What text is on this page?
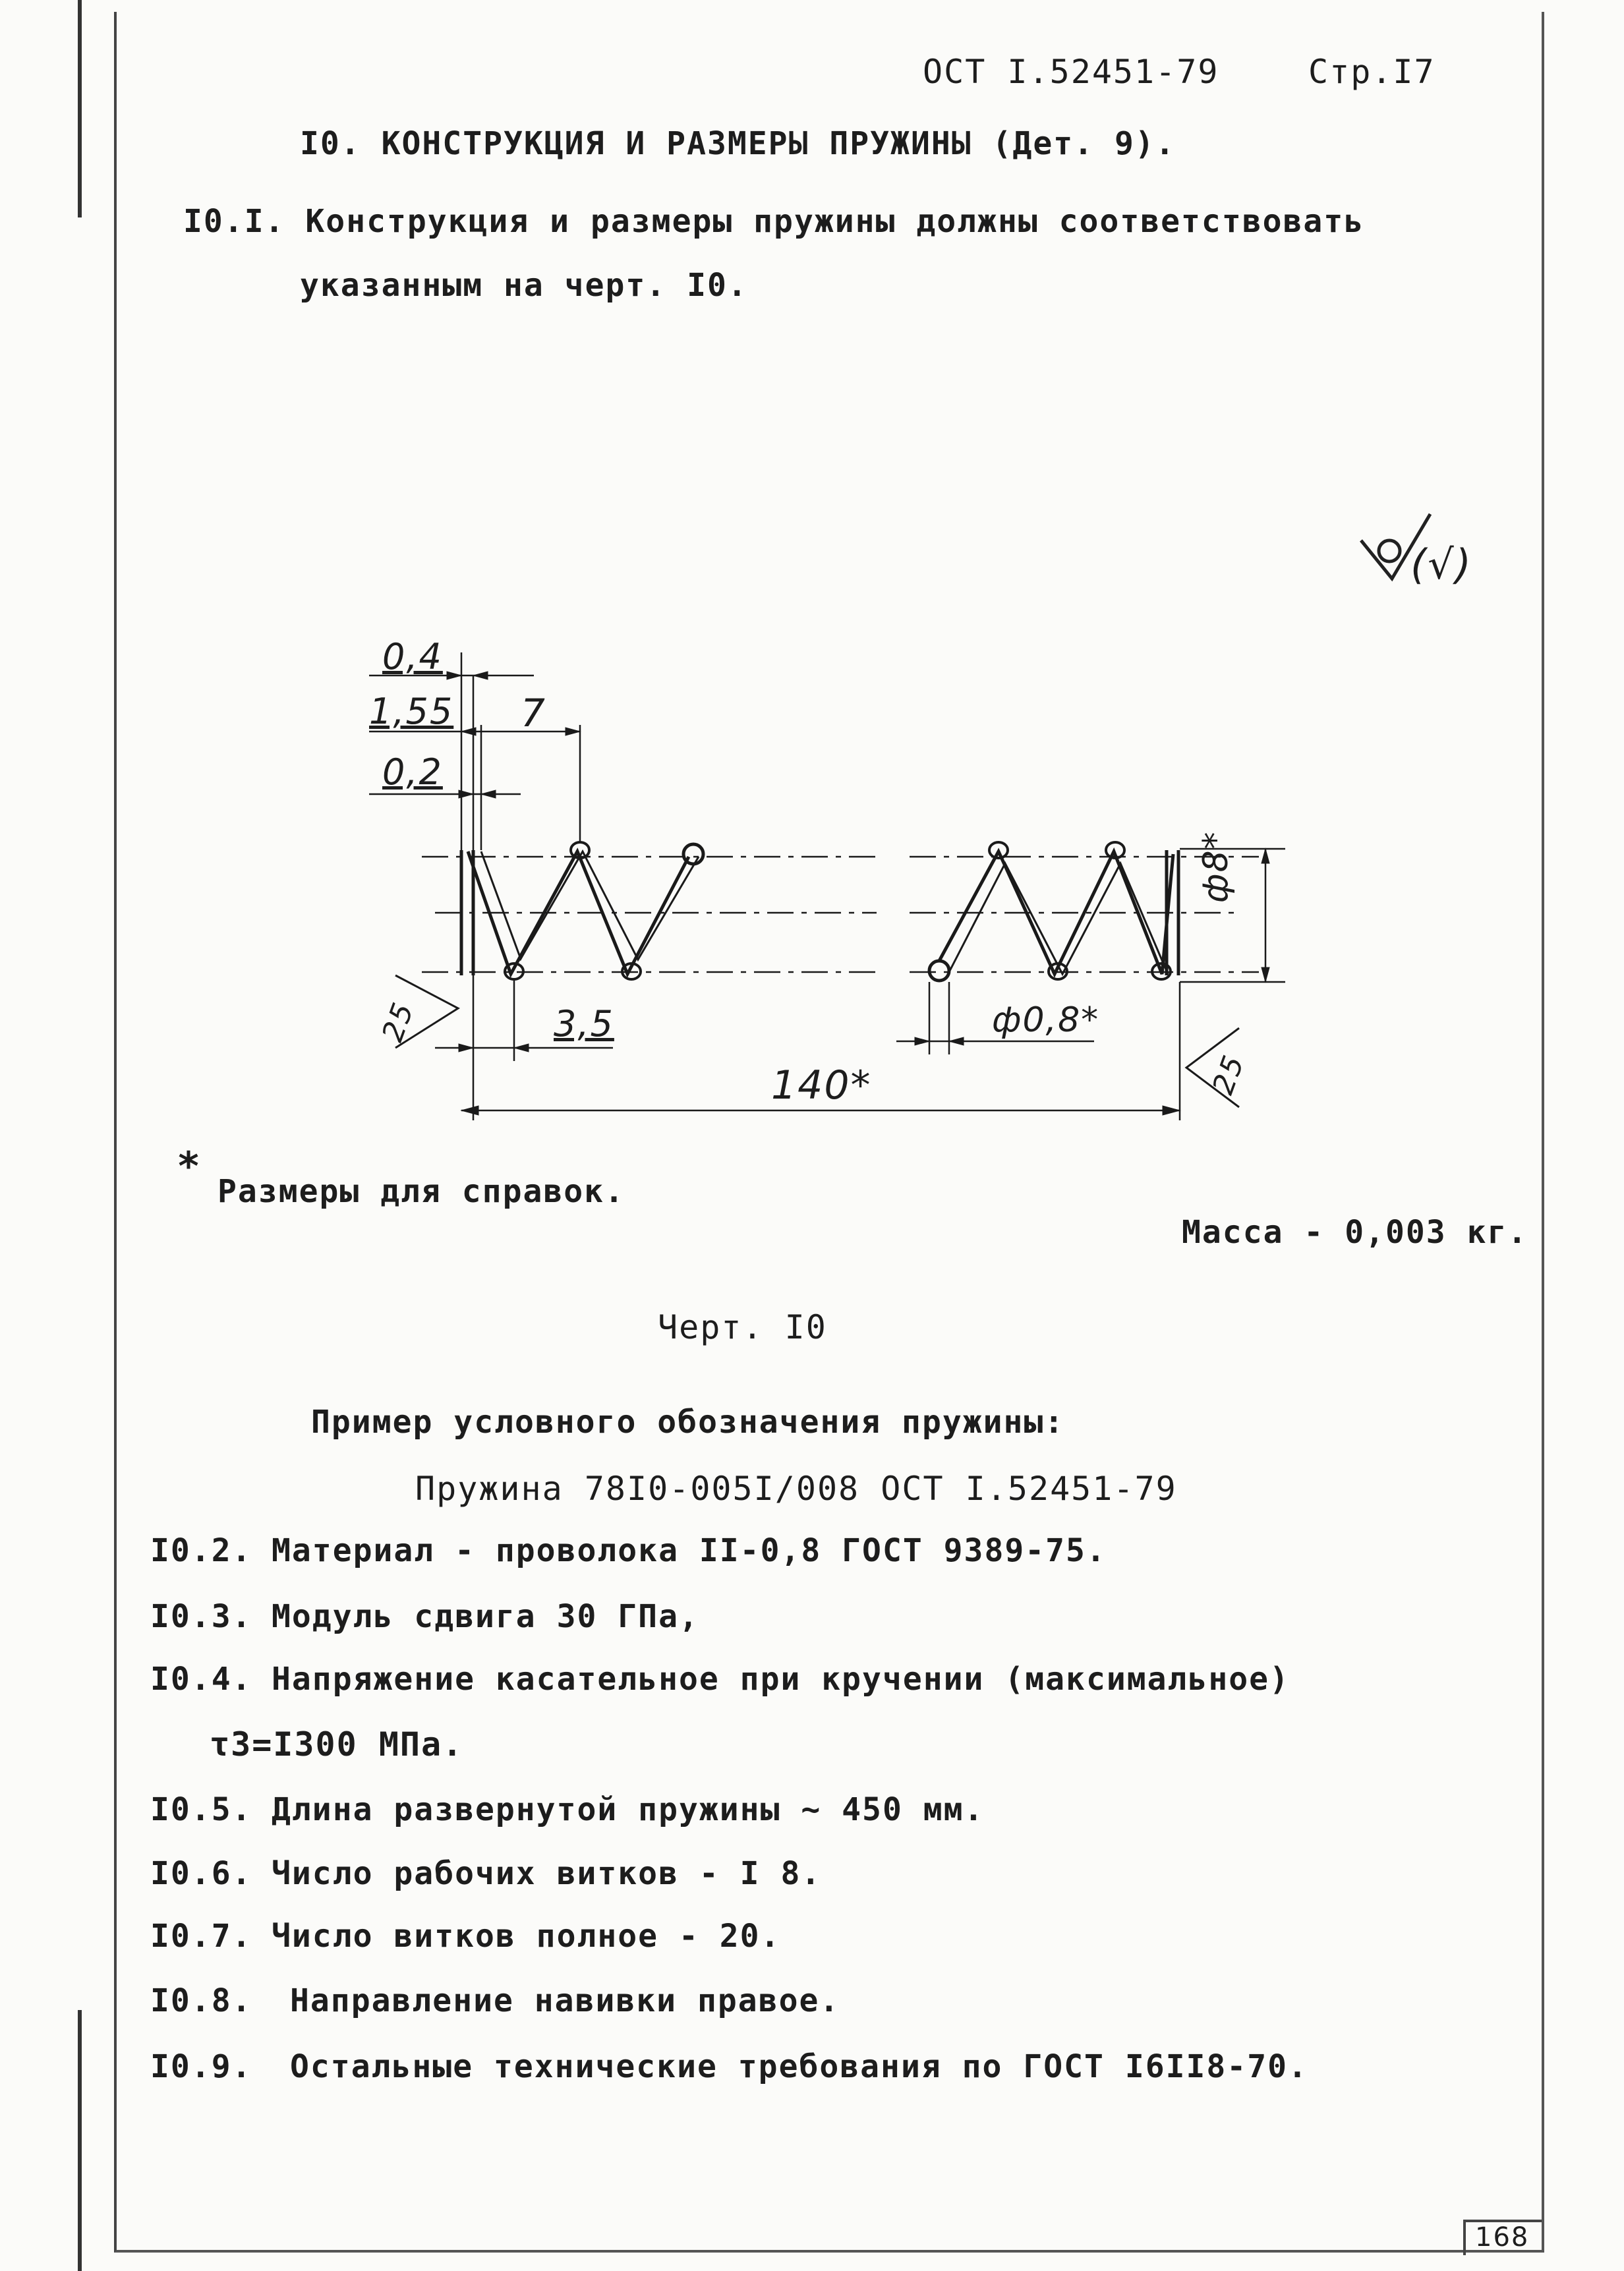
ОСТ I.52451-79	Стр.I7
I0. КОНСТРУКЦИЯ И РАЗМЕРЫ ПРУЖИНЫ (Дет. 9).
I0.I. Конструкция и размеры пружины должны соответствовать
указанным на черт. I0.
0,4
1,55 7
0,2
3,5
140*
ф0,8*
ф8*
25
25
(√)
*
Размеры для справок.
Масса - 0,003 кг.
Черт. I0
Пример условного обозначения пружины:
Пружина 78I0-005I/008 ОСТ I.52451-79
I0.2. Материал - проволока II-0,8 ГОСТ 9389-75.
I0.3. Модуль сдвига 30 ГПа,
I0.4. Напряжение касательное при кручении (максимальное)
τ3=I300 МПа.
I0.5. Длина развернутой пружины ~ 450 мм.
I0.6. Число рабочих витков - I 8.
I0.7. Число витков полное - 20.
I0.8. Направление навивки правое.
I0.9. Остальные технические требования по ГОСТ I6II8-70.
168
